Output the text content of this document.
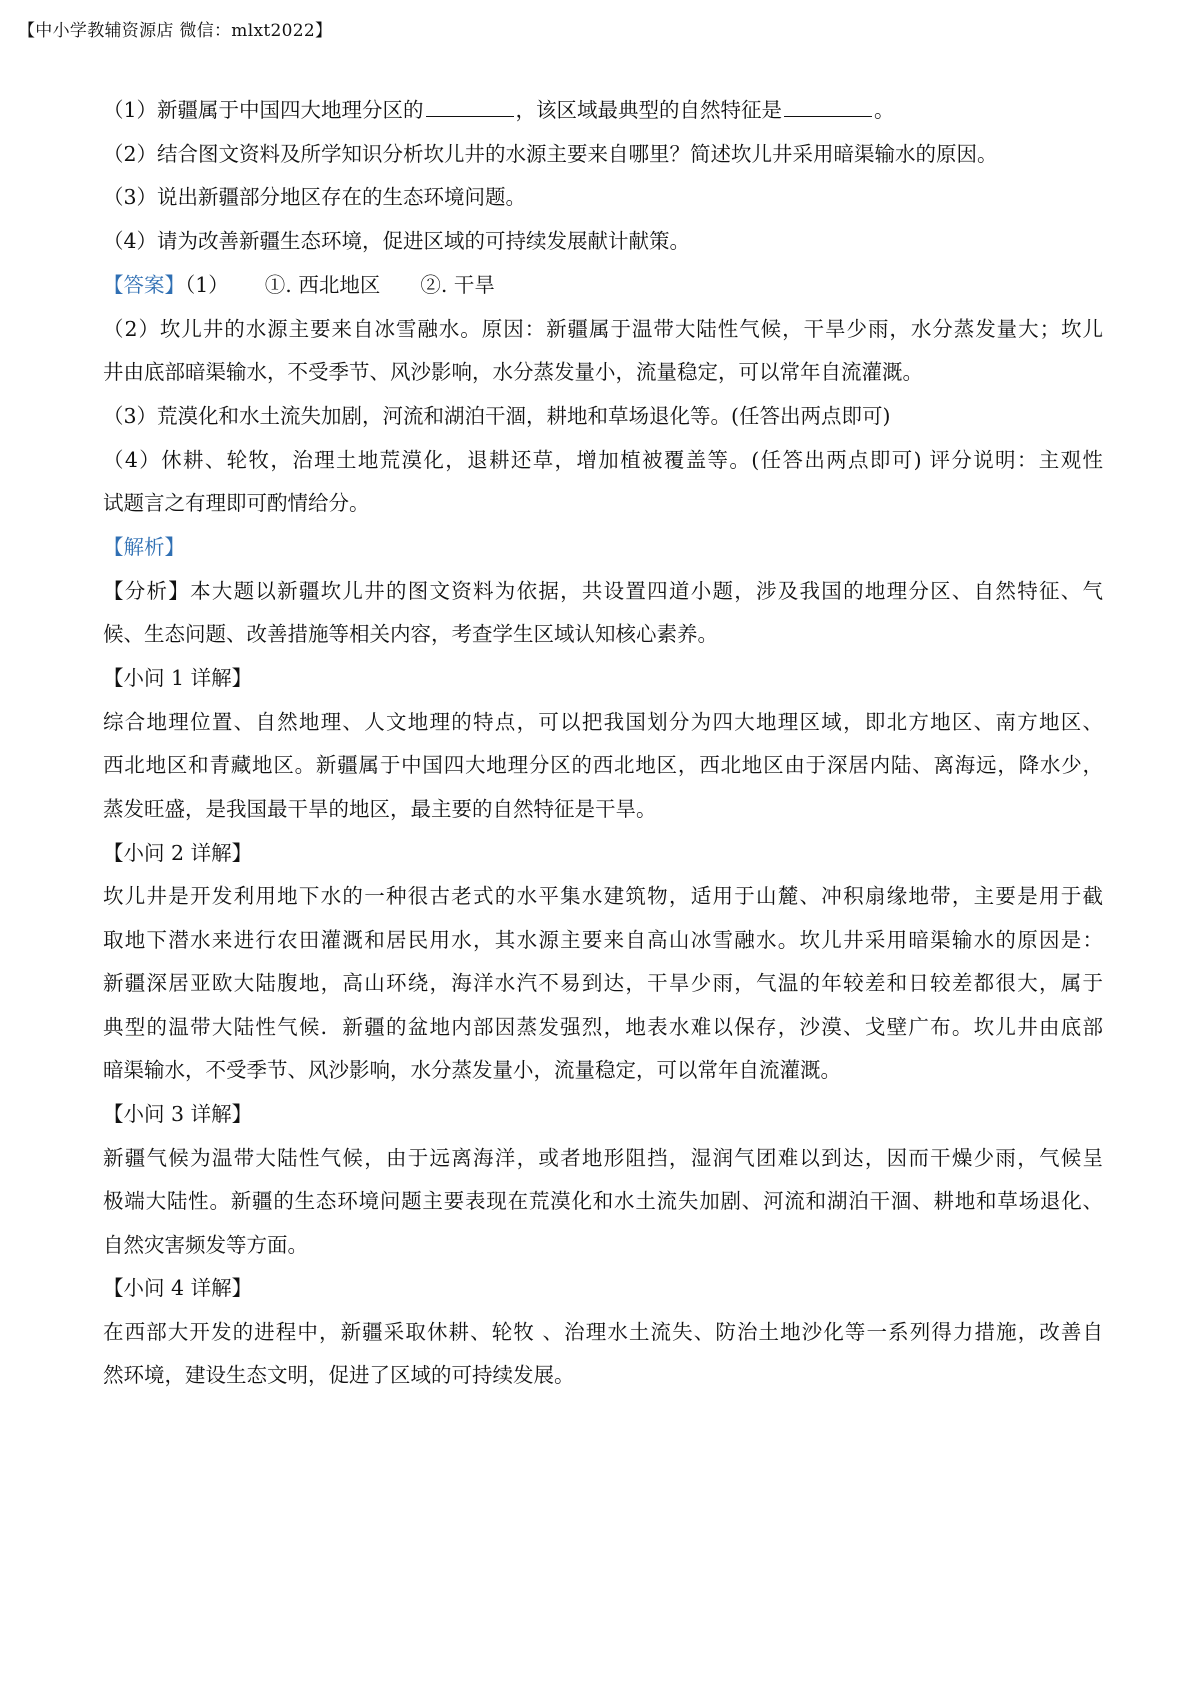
【中小学教辅资源店 微信：mlxt2022】
（1）新疆属于中国四大地理分区的	，该区域最典型的自然特征是	。
（2）结合图文资料及所学知识分析坎儿井的水源主要来自哪里？简述坎儿井采用暗渠输水的原因。
（3）说出新疆部分地区存在的生态环境问题。
（4）请为改善新疆生态环境，促进区域的可持续发展献计献策。
【答案】（1） ①. 西北地区 ②. 干旱
（2）坎儿井的水源主要来自冰雪融水。原因：新疆属于温带大陆性气候，干旱少雨，水分蒸发量大；坎儿
井由底部暗渠输水，不受季节、风沙影响，水分蒸发量小，流量稳定，可以常年自流灌溉。
（3）荒漠化和水土流失加剧，河流和湖泊干涸，耕地和草场退化等。(任答出两点即可)
（4）休耕、轮牧，治理土地荒漠化，退耕还草，增加植被覆盖等。(任答出两点即可) 评分说明：主观性
试题言之有理即可酌情给分。
【解析】
【分析】本大题以新疆坎儿井的图文资料为依据，共设置四道小题，涉及我国的地理分区、自然特征、气
候、生态问题、改善措施等相关内容，考查学生区域认知核心素养。
【小问 1 详解】
综合地理位置、自然地理、人文地理的特点，可以把我国划分为四大地理区域，即北方地区、南方地区、
西北地区和青藏地区。新疆属于中国四大地理分区的西北地区，西北地区由于深居内陆、离海远，降水少，
蒸发旺盛，是我国最干旱的地区，最主要的自然特征是干旱。
【小问 2 详解】
坎儿井是开发利用地下水的一种很古老式的水平集水建筑物，适用于山麓、冲积扇缘地带，主要是用于截
取地下潜水来进行农田灌溉和居民用水，其水源主要来自高山冰雪融水。坎儿井采用暗渠输水的原因是：
新疆深居亚欧大陆腹地，高山环绕，海洋水汽不易到达，干旱少雨，气温的年较差和日较差都很大，属于
典型的温带大陆性气候．新疆的盆地内部因蒸发强烈，地表水难以保存，沙漠、戈壁广布。坎儿井由底部
暗渠输水，不受季节、风沙影响，水分蒸发量小，流量稳定，可以常年自流灌溉。
【小问 3 详解】
新疆气候为温带大陆性气候，由于远离海洋，或者地形阻挡，湿润气团难以到达，因而干燥少雨，气候呈
极端大陆性。新疆的生态环境问题主要表现在荒漠化和水土流失加剧、河流和湖泊干涸、耕地和草场退化、
自然灾害频发等方面。
【小问 4 详解】
在西部大开发的进程中，新疆采取休耕、轮牧 、治理水土流失、防治土地沙化等一系列得力措施，改善自
然环境，建设生态文明，促进了区域的可持续发展。
